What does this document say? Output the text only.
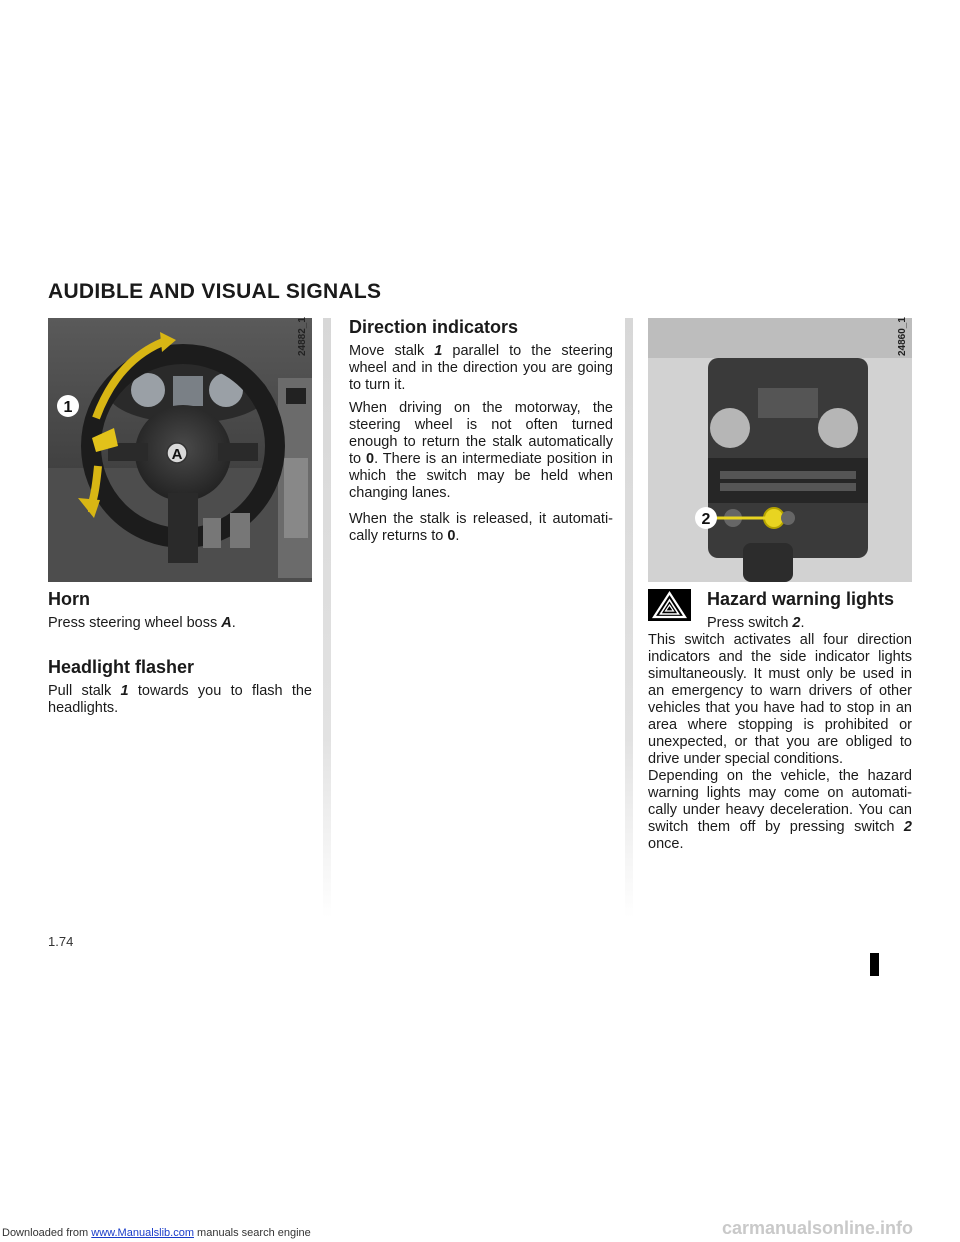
Downloaded from www.Manualslib.com manuals search engine
AUDIBLE AND VISUAL SIGNALS
1
A
24882_1
2
24860_1
Horn

Press steering wheel boss A.

Headlight flasher

Pull stalk 1 towards you to flash the headlights.

Direction indicators

Move stalk 1 parallel to the steering wheel and in the direction you are going to turn it.

When driving on the motorway, the steering wheel is not often turned enough to return the stalk automatically to 0. There is an intermediate position in which the switch may be held when changing lanes.

When the stalk is released, it automati-cally returns to 0.

Hazard warning lights

Press switch 2.

This switch activates all four direction indicators and the side indicator lights simultaneously. It must only be used in an emergency to warn drivers of other vehicles that you have had to stop in an area where stopping is prohibited or unexpected, or that you are obliged to drive under special conditions.

Depending on the vehicle, the hazard warning lights may come on automati-cally under heavy deceleration. You can switch them off by pressing switch 2 once.

1.74
carmanualsonline.info
